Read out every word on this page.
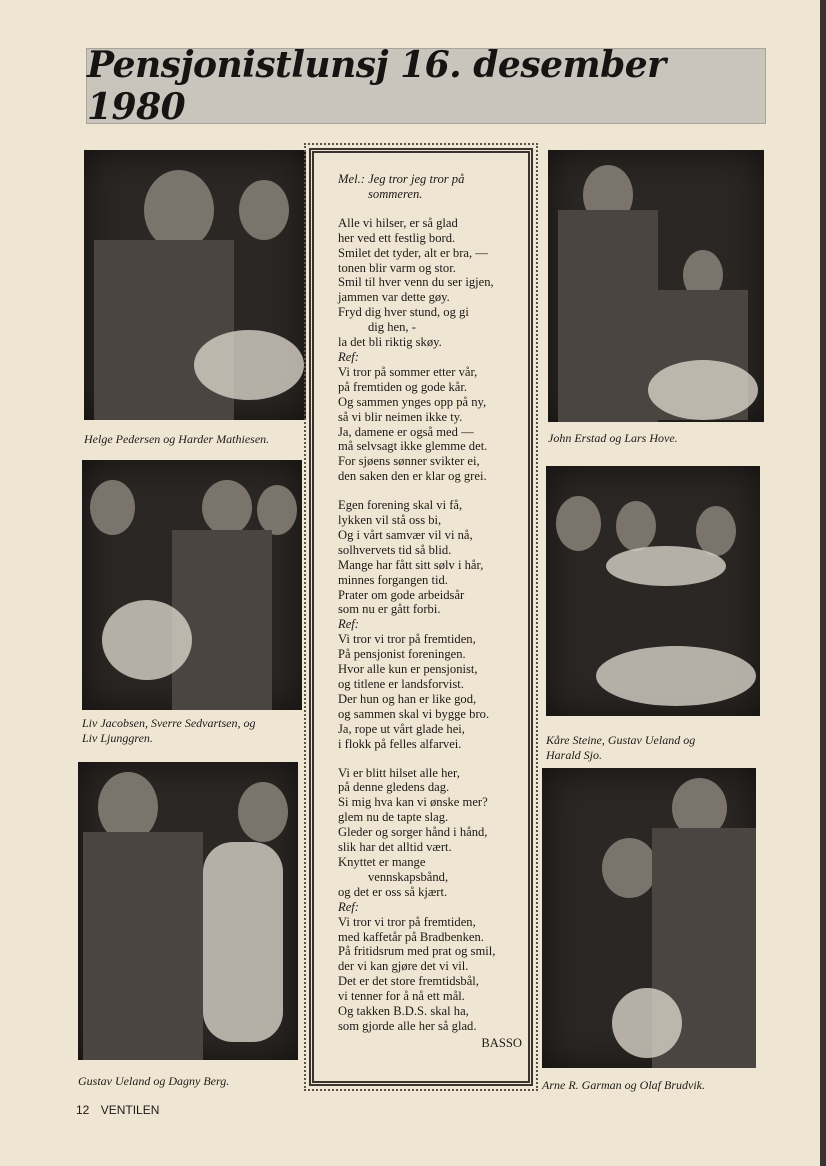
Pensjonistlunsj 16. desember 1980
Helge Pedersen og Harder Mathiesen.
Liv Jacobsen, Sverre Sedvartsen, og
Liv Ljunggren.
Gustav Ueland og Dagny Berg.
Mel.: Jeg tror jeg tror på
sommeren.
Alle vi hilser, er så glad
her ved ett festlig bord.
Smilet det tyder, alt er bra, —
tonen blir varm og stor.
Smil til hver venn du ser igjen,
jammen var dette gøy.
Fryd dig hver stund, og gi
dig hen, -
la det bli riktig skøy.
Ref:
Vi tror på sommer etter vår,
på fremtiden og gode kår.
Og sammen ynges opp på ny,
så vi blir neimen ikke ty.
Ja, damene er også med —
må selvsagt ikke glemme det.
For sjøens sønner svikter ei,
den saken den er klar og grei.
Egen forening skal vi få,
lykken vil stå oss bi,
Og i vårt samvær vil vi nå,
solhvervets tid så blid.
Mange har fått sitt sølv i hår,
minnes forgangen tid.
Prater om gode arbeidsår
som nu er gått forbi.
Ref:
Vi tror vi tror på fremtiden,
På pensjonist foreningen.
Hvor alle kun er pensjonist,
og titlene er landsforvist.
Der hun og han er like god,
og sammen skal vi bygge bro.
Ja, rope ut vårt glade hei,
i flokk på felles alfarvei.
Vi er blitt hilset alle her,
på denne gledens dag.
Si mig hva kan vi ønske mer?
glem nu de tapte slag.
Gleder og sorger hånd i hånd,
slik har det alltid vært.
Knyttet er mange
vennskapsbånd,
og det er oss så kjært.
Ref:
Vi tror vi tror på fremtiden,
med kaffetår på Bradbenken.
På fritidsrum med prat og smil,
der vi kan gjøre det vi vil.
Det er det store fremtidsbål,
vi tenner for å nå ett mål.
Og takken B.D.S. skal ha,
som gjorde alle her så glad.
BASSO
John Erstad og Lars Hove.
Kåre Steine, Gustav Ueland og
Harald Sjo.
Arne R. Garman og Olaf Brudvik.
12 VENTILEN
